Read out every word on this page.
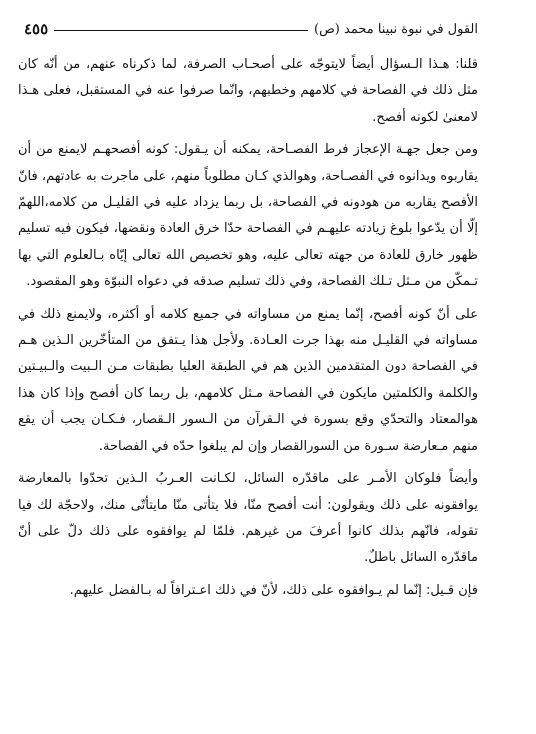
القول في نبوة نبينا محمد (ص)
٤٥٥

قلنا: هـذا الـسؤال أيضاً لايتوجّه على أصحـاب الصرفة، لما ذكرناه عنهم، من أنّه كان مثل ذلك في الفصاحة في كلامهم وخطبهم، وانّما صرفوا عنه في المستقبل، فعلى هـذا لامعنىٰ لكونه أفصح.

ومن جعل جهـة الإعجاز فرط الفصـاحة، يمكنه أن يـقول: كونه أفصحهـم لايمنع من أن يقاربوه ويدانوه في الفصـاحة، وهوالذي كـان مطلوباً منهم، على ماجرت به عادتهم، فانّ الأفصح يقاربه من هودونه في الفصاحة، بل ربما يزداد عليه في القليـل من كلامه،اللهمّ إلّا أن يدّعوا بلوغ زيادته عليهـم في الفصاحة حدّا خرق العادة ونقضها، فيكون فيه تسليم ظهور خارق للعادة من جهته تعالى عليه، وهو تخصيص الله تعالى إيّاه بـالعلوم التي بها تـمكّن من مـثل تـلك الفصاحة، وفي ذلك تسليم صدقه في دعواه النبوّة وهو المقصود.

على أنّ كونه أفصح، إنّما يمنع من مساواته في جميع كلامه أو أكثره، ولايمنع ذلك في مساواته في القليـل منه بهذا جرت العـادة. ولأجل هذا يـتفق من المتأخّرين الـذين هـم في الفصاحة دون المتقدمين الذين هم في الطبقة العليا بطبقات مـن الـبيت والـبيـتين والكلمة والكلمتين مايكون في الفصاحة مـثل كلامهم، بل ربما كان أفصح وإذا كان هذا هوالمعتاد والتحدّي وقع بسورة في الـقرآن من الـسور الـقصار، فـكـان يجب أن يقع منهم مـعارضة سـورة من السورالقصار وإن لم يبلغوا حدّه في الفصاحة.

وأيضاً فلوكان الأمـر على ماقدّره السائل، لكـانت العـربُ الـذين تحدّوا بالمعارضة يوافقونه على ذلك ويقولون: أنت أفصح منّا، فلا يتأتى منّا مايتأتّى منك، ولاحجّة لك فيا تقوله، فانّهم بذلك كانوا أعرفَ من غيرهم. فلمّا لم يوافقوه على ذلك دلّ على أنّ ماقدّره السائل باطلٌ.

فإن قـيل: إنّما لم يـوافقوه على ذلك، لأنّ في ذلك اعـترافاً له بـالفضل عليهم.
